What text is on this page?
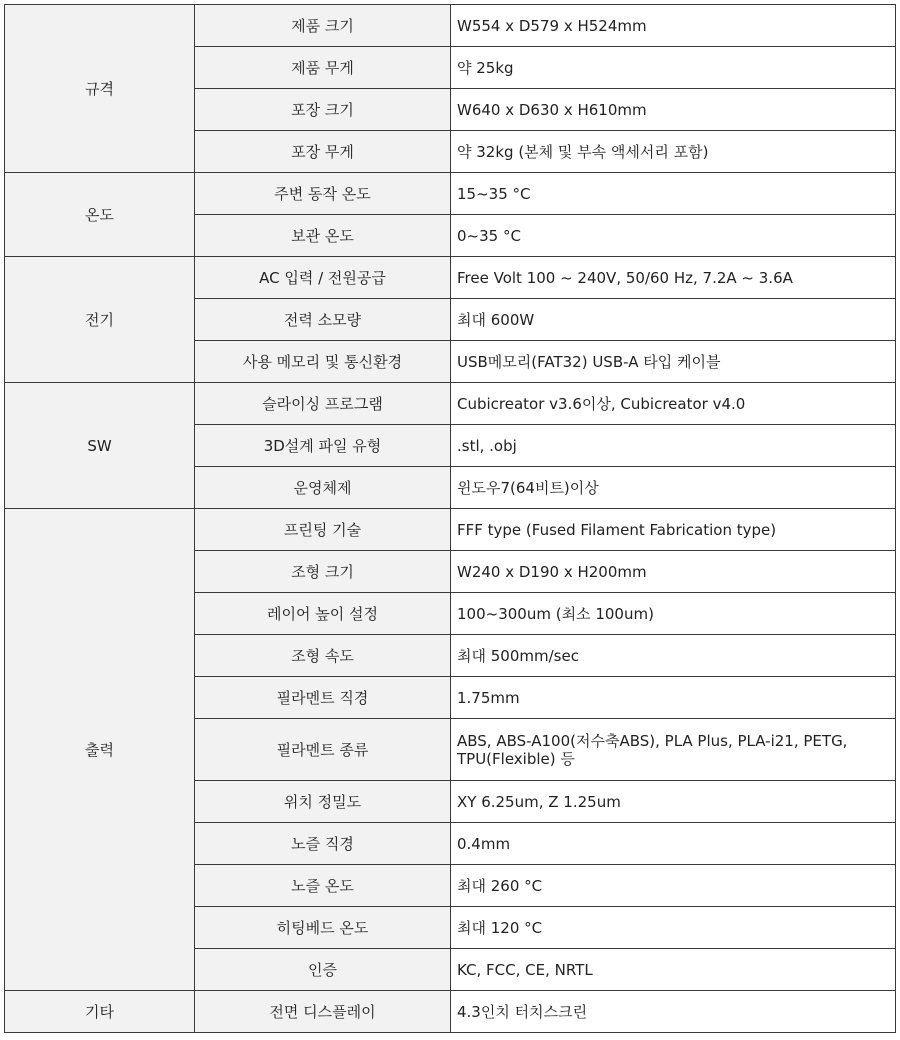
규격	제품 크기	W554 x D579 x H524mm
	제품 무게	약 25kg
	포장 크기	W640 x D630 x H610mm
	포장 무게	약 32kg (본체 및 부속 액세서리 포함)
온도	주변 동작 온도	15~35 °C
	보관 온도	0~35 °C
전기	AC 입력 / 전원공급	Free Volt 100 ~ 240V, 50/60 Hz, 7.2A ~ 3.6A
	전력 소모량	최대 600W
	사용 메모리 및 통신환경	USB메모리(FAT32) USB-A 타입 케이블
SW	슬라이싱 프로그램	Cubicreator v3.6이상, Cubicreator v4.0
	3D설계 파일 유형	.stl, .obj
	운영체제	윈도우7(64비트)이상
출력	프린팅 기술	FFF type (Fused Filament Fabrication type)
	조형 크기	W240 x D190 x H200mm
	레이어 높이 설정	100~300um (최소 100um)
	조형 속도	최대 500mm/sec
	필라멘트 직경	1.75mm
	필라멘트 종류	ABS, ABS-A100(저수축ABS), PLA Plus, PLA-i21, PETG, TPU(Flexible) 등
	위치 정밀도	XY 6.25um, Z 1.25um
	노즐 직경	0.4mm
	노즐 온도	최대 260 °C
	히팅베드 온도	최대 120 °C
	인증	KC, FCC, CE, NRTL
기타	전면 디스플레이	4.3인치 터치스크린
